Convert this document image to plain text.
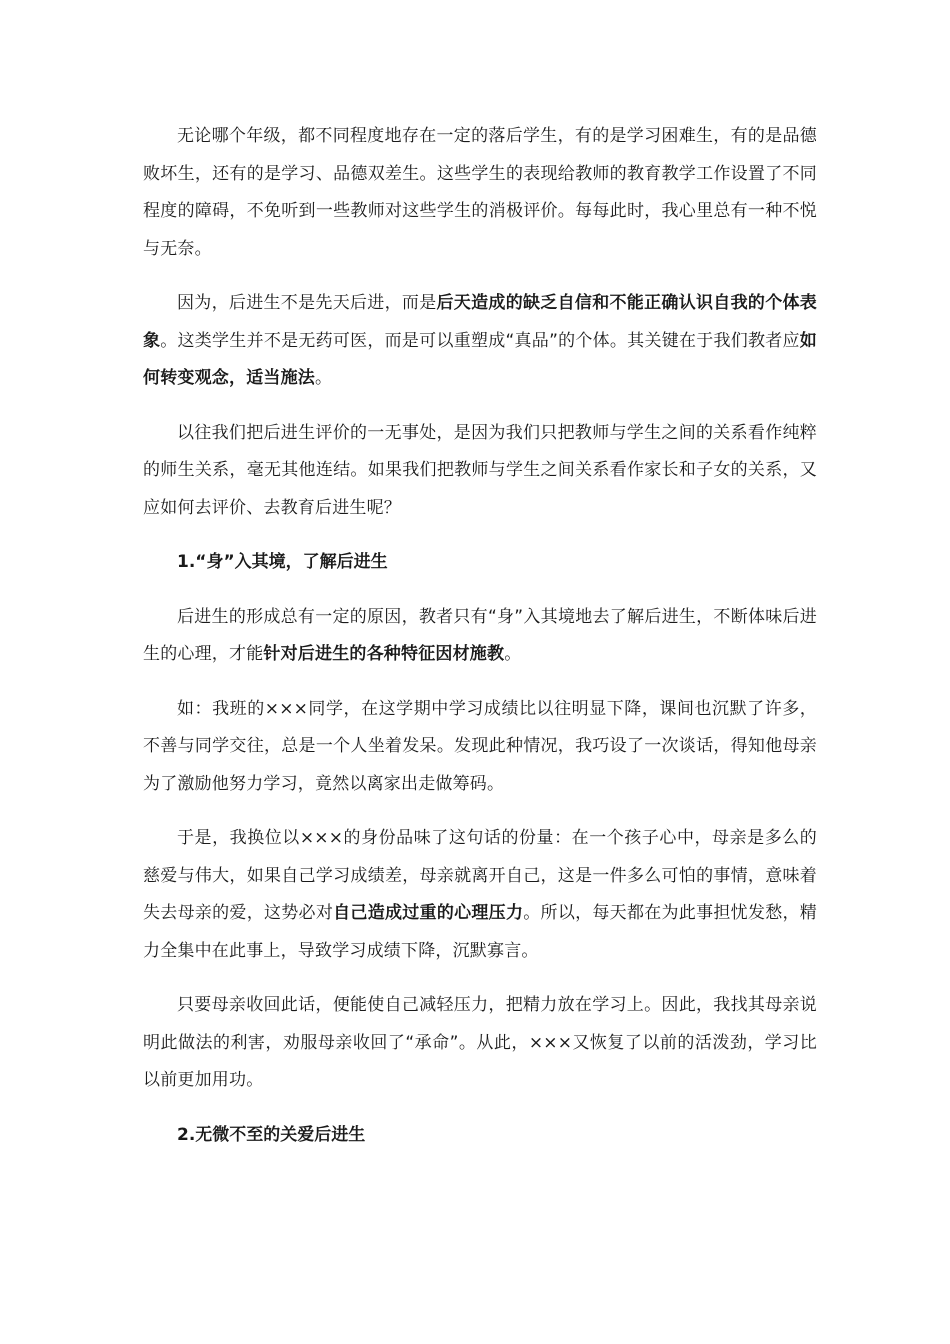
无论哪个年级，都不同程度地存在一定的落后学生，有的是学习困难生，有的是品德败坏生，还有的是学习、品德双差生。这些学生的表现给教师的教育教学工作设置了不同程度的障碍，不免听到一些教师对这些学生的消极评价。每每此时，我心里总有一种不悦与无奈。

因为，后进生不是先天后进，而是后天造成的缺乏自信和不能正确认识自我的个体表象。这类学生并不是无药可医，而是可以重塑成“真品”的个体。其关键在于我们教者应如何转变观念，适当施法。

以往我们把后进生评价的一无事处，是因为我们只把教师与学生之间的关系看作纯粹的师生关系，毫无其他连结。如果我们把教师与学生之间关系看作家长和子女的关系，又应如何去评价、去教育后进生呢？

1.“身”入其境，了解后进生

后进生的形成总有一定的原因，教者只有“身”入其境地去了解后进生，不断体味后进生的心理，才能针对后进生的各种特征因材施教。

如：我班的×××同学，在这学期中学习成绩比以往明显下降，课间也沉默了许多，不善与同学交往，总是一个人坐着发呆。发现此种情况，我巧设了一次谈话，得知他母亲为了激励他努力学习，竟然以离家出走做筹码。

于是，我换位以×××的身份品味了这句话的份量：在一个孩子心中，母亲是多么的慈爱与伟大，如果自己学习成绩差，母亲就离开自己，这是一件多么可怕的事情，意味着失去母亲的爱，这势必对自己造成过重的心理压力。所以，每天都在为此事担忧发愁，精力全集中在此事上，导致学习成绩下降，沉默寡言。

只要母亲收回此话，便能使自己减轻压力，把精力放在学习上。因此，我找其母亲说明此做法的利害，劝服母亲收回了“承命”。从此，×××又恢复了以前的活泼劲，学习比以前更加用功。

2.无微不至的关爱后进生
